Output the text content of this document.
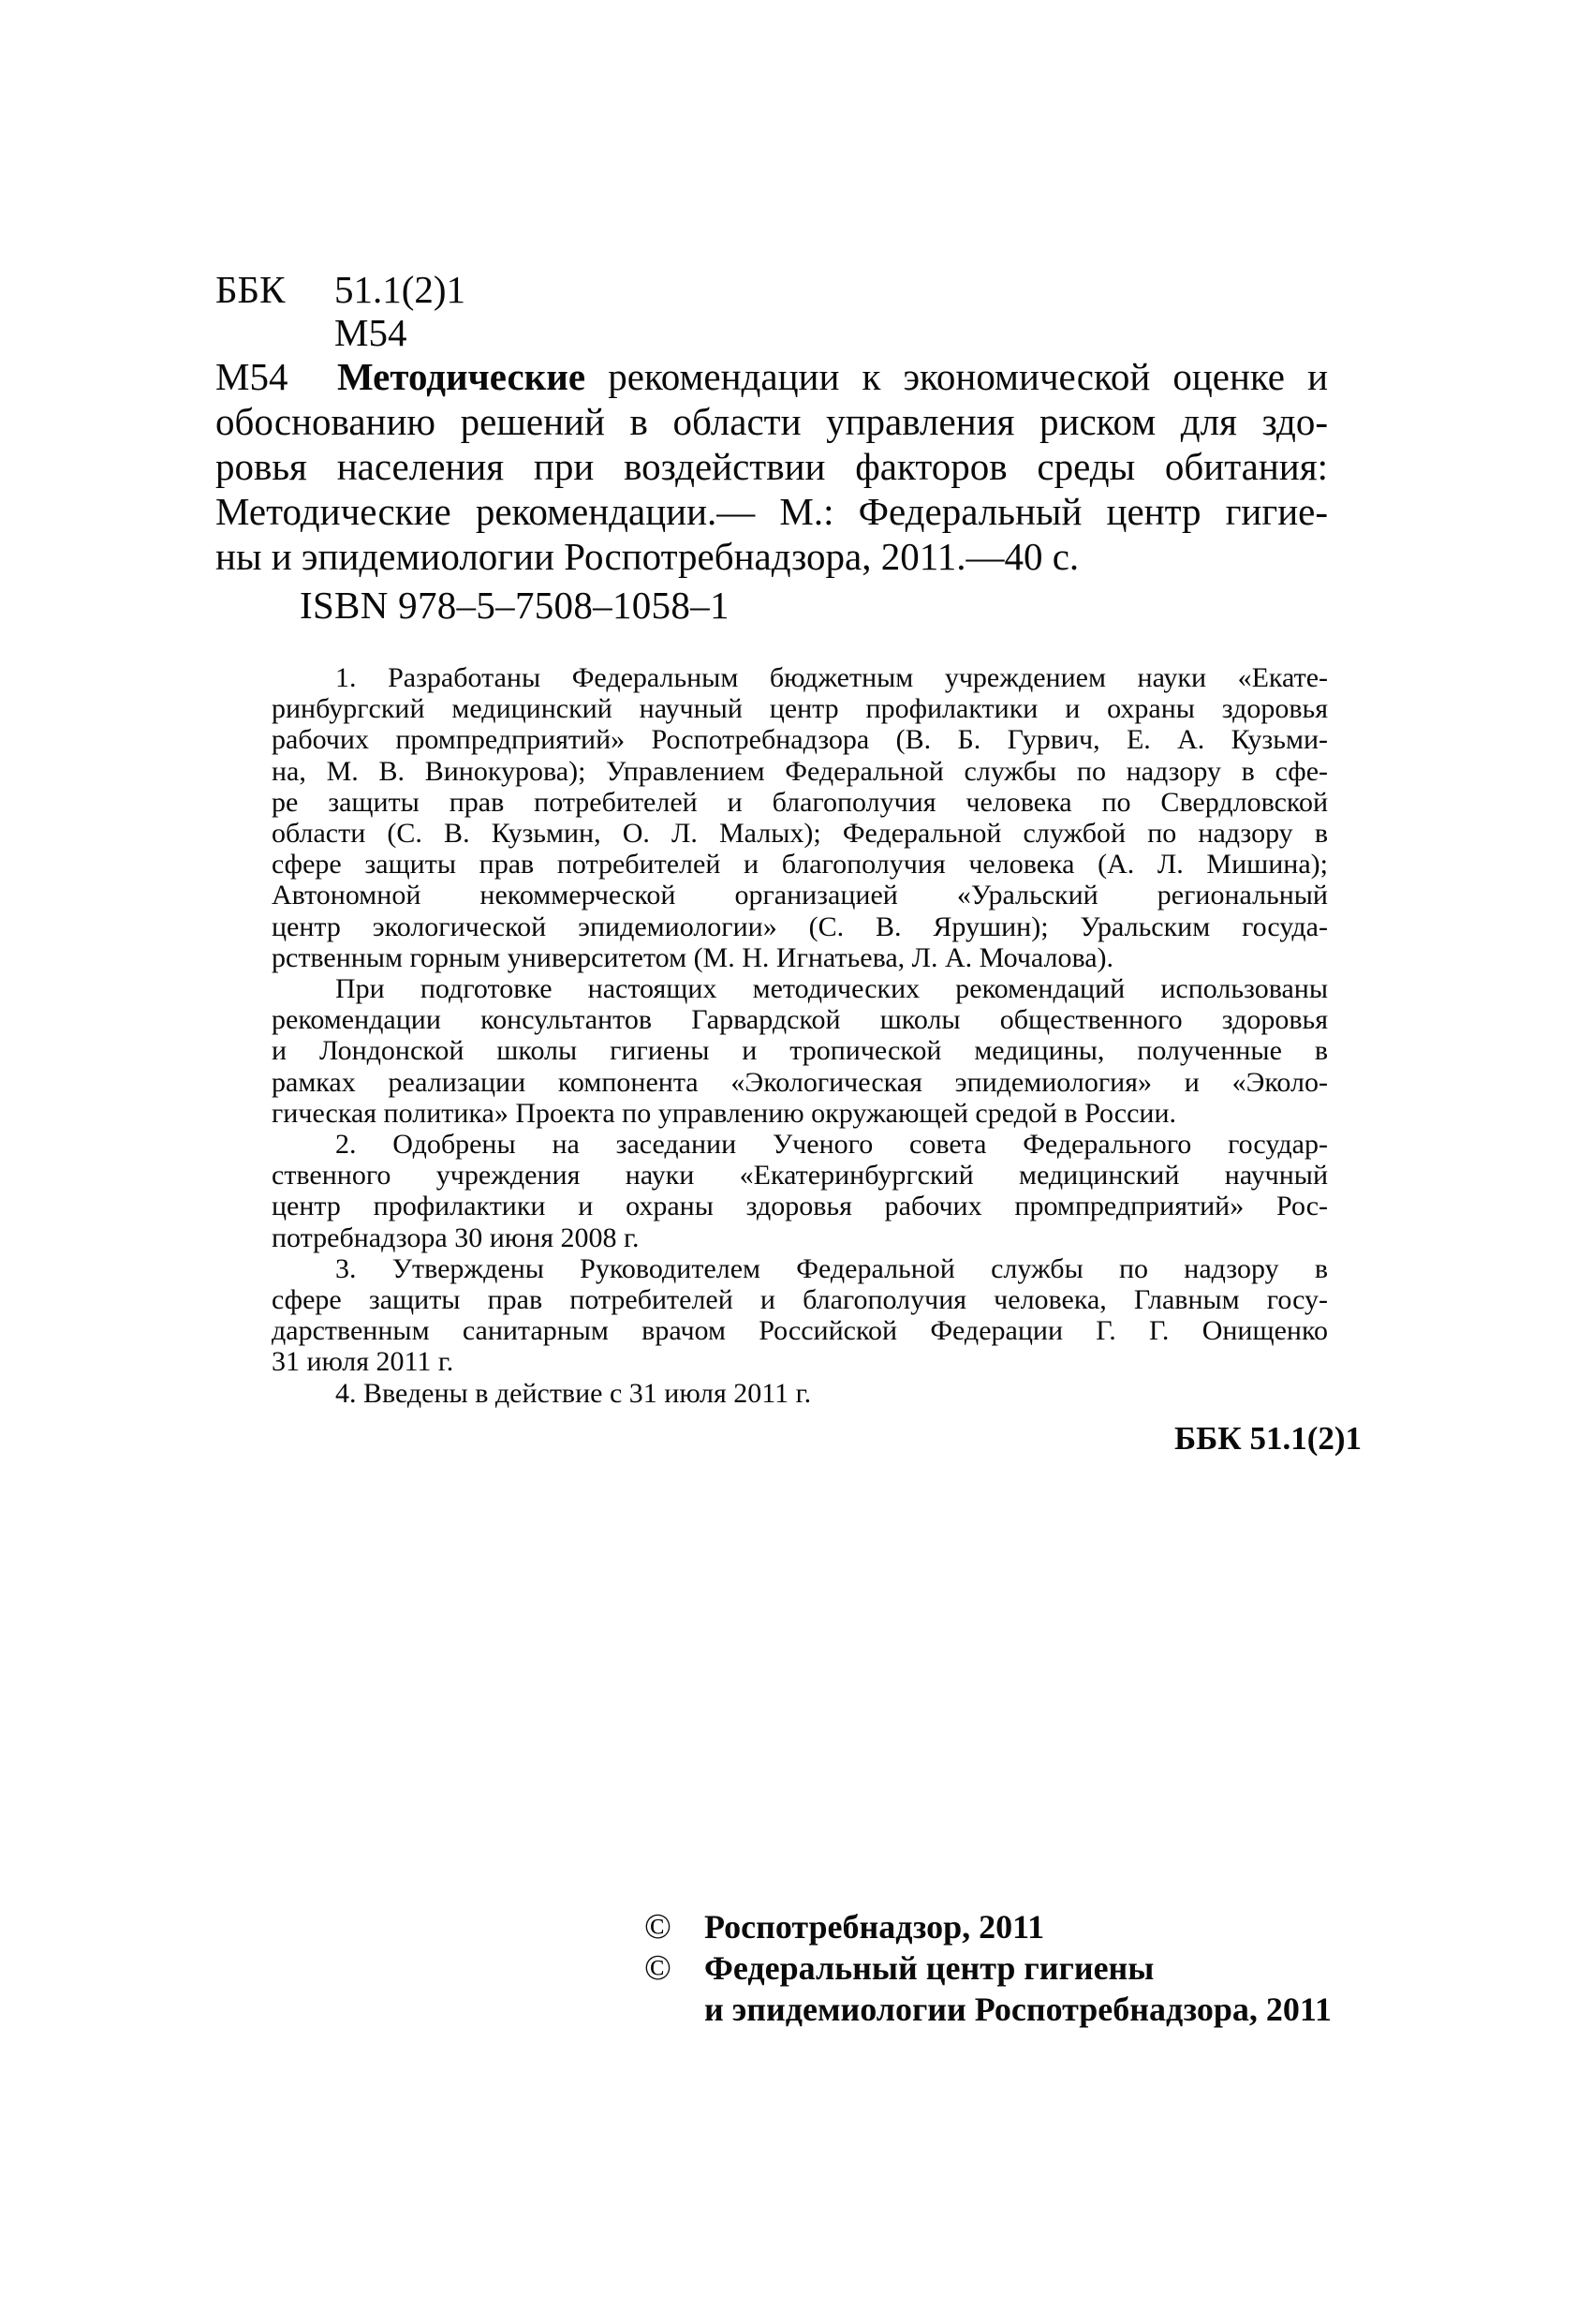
ББК	51.1(2)1
М54
М54	Методические рекомендации к экономической оценке и
обоснованию решений в области управления риском для здо-
ровья населения при воздействии факторов среды обитания:
Методические рекомендации.— М.: Федеральный центр гигие-
ны и эпидемиологии Роспотребнадзора, 2011.—40 с.
ISBN 978–5–7508–1058–1
1. Разработаны Федеральным бюджетным учреждением науки «Екате-
ринбургский медицинский научный центр профилактики и охраны здоровья
рабочих промпредприятий» Роспотребнадзора (В. Б. Гурвич, Е. А. Кузьми-
на, М. В. Винокурова); Управлением Федеральной службы по надзору в сфе-
ре защиты прав потребителей и благополучия человека по Свердловской
области (С. В. Кузьмин, О. Л. Малых); Федеральной службой по надзору в
сфере защиты прав потребителей и благополучия человека (А. Л. Мишина);
Автономной некоммерческой организацией «Уральский региональный
центр экологической эпидемиологии» (С. В. Ярушин); Уральским госуда-
рственным горным университетом (М. Н. Игнатьева, Л. А. Мочалова).
При подготовке настоящих методических рекомендаций использованы
рекомендации консультантов Гарвардской школы общественного здоровья
и Лондонской школы гигиены и тропической медицины, полученные в
рамках реализации компонента «Экологическая эпидемиология» и «Эколо-
гическая политика» Проекта по управлению окружающей средой в России.
2. Одобрены на заседании Ученого совета Федерального государ-
ственного учреждения науки «Екатеринбургский медицинский научный
центр профилактики и охраны здоровья рабочих промпредприятий» Рос-
потребнадзора 30 июня 2008 г.
3. Утверждены Руководителем Федеральной службы по надзору в
сфере защиты прав потребителей и благополучия человека, Главным госу-
дарственным санитарным врачом Российской Федерации Г. Г. Онищенко
31 июля 2011 г.
4. Введены в действие с 31 июля 2011 г.
ББК 51.1(2)1
© Роспотребнадзор, 2011
© Федеральный центр гигиены
и эпидемиологии Роспотребнадзора, 2011
